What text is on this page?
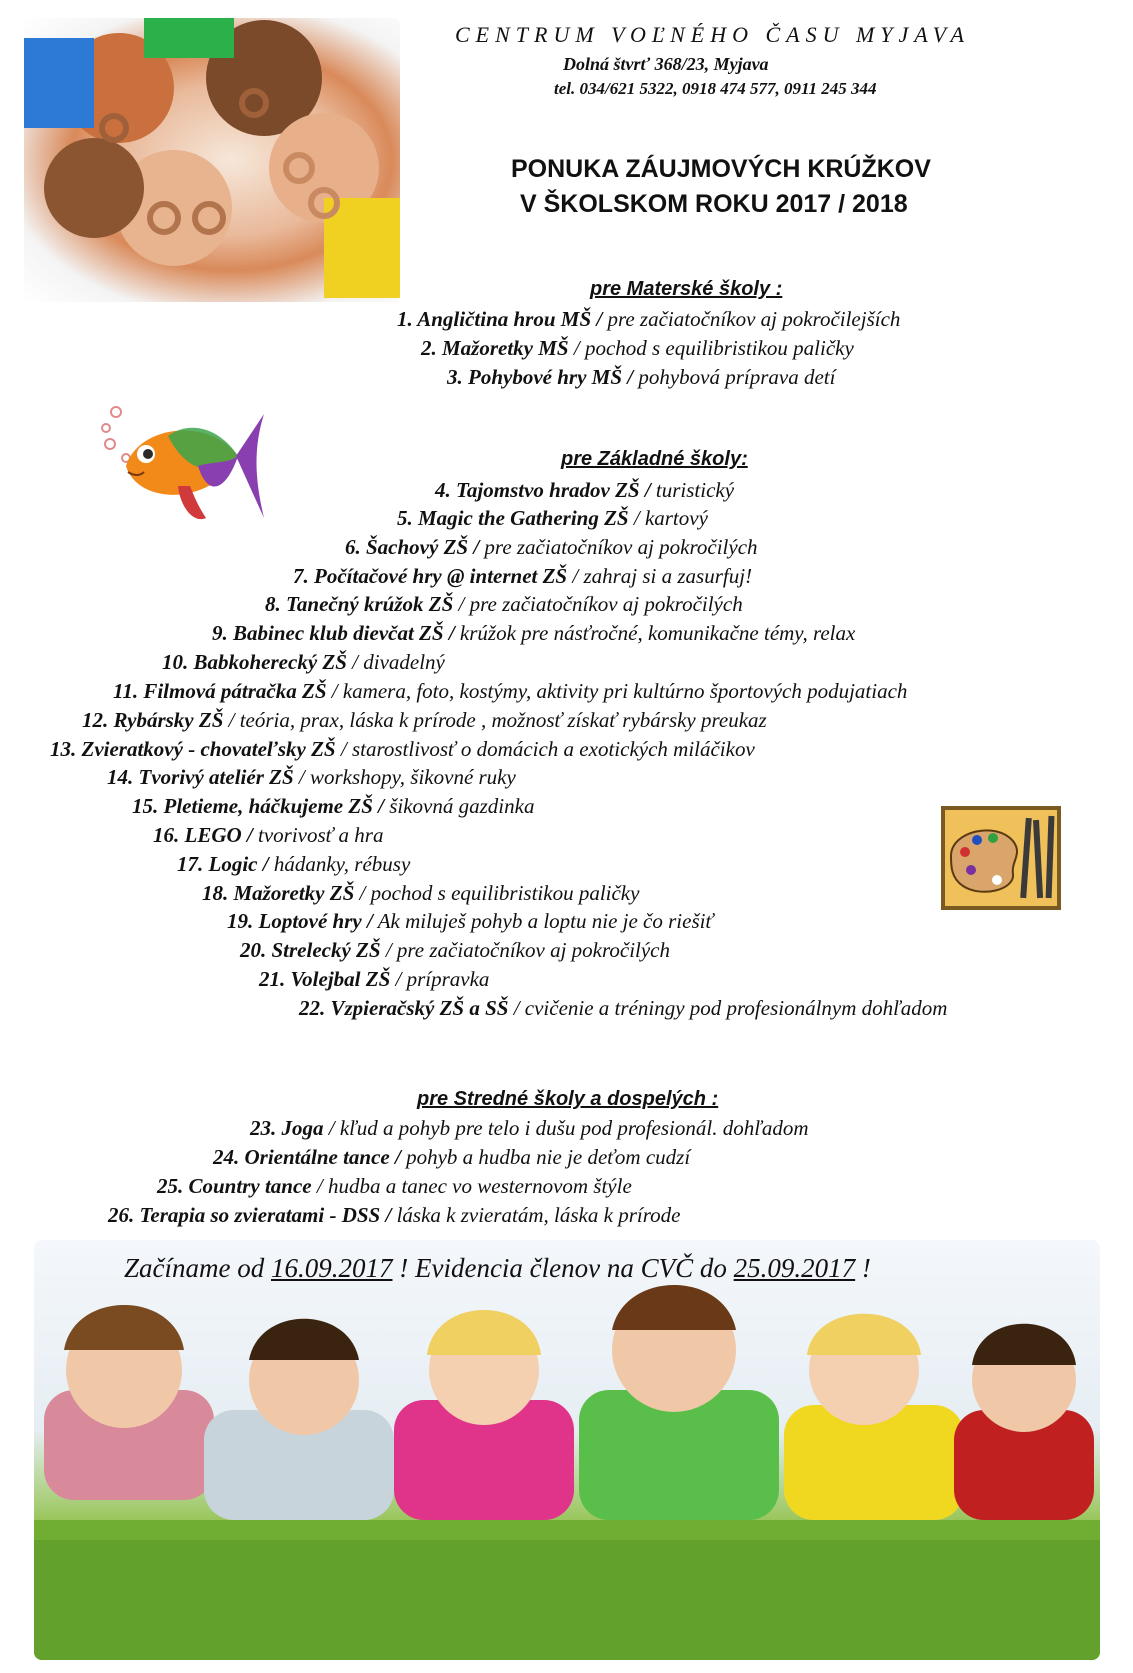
CENTRUM VOĽNÉHO ČASU MYJAVA
Dolná štvrť 368/23, Myjava
tel. 034/621 5322, 0918 474 577, 0911 245 344
PONUKA ZÁUJMOVÝCH KRÚŽKOV
V ŠKOLSKOM ROKU 2017 / 2018
pre Materské školy :
1. Angličtina hrou MŠ / pre začiatočníkov aj pokročilejších
2. Mažoretky MŠ / pochod s equilibristikou paličky
3. Pohybové hry MŠ / pohybová príprava detí
pre Základné školy:
4. Tajomstvo hradov ZŠ / turistický
5. Magic the Gathering ZŠ / kartový
6. Šachový ZŠ / pre začiatočníkov aj pokročilých
7. Počítačové hry @ internet ZŠ / zahraj si a zasurfuj!
8. Tanečný krúžok ZŠ / pre začiatočníkov aj pokročilých
9. Babinec klub dievčat ZŠ / krúžok pre násťročné, komunikačne témy, relax
10. Babkoherecký ZŠ / divadelný
11. Filmová pátračka ZŠ / kamera, foto, kostýmy, aktivity pri kultúrno športových podujatiach
12. Rybársky ZŠ / teória, prax, láska k prírode , možnosť získať rybársky preukaz
13. Zvieratkový - chovateľsky ZŠ / starostlivosť o domácich a exotických miláčikov
14. Tvorivý ateliér ZŠ / workshopy, šikovné ruky
15. Pletieme, háčkujeme ZŠ / šikovná gazdinka
16. LEGO / tvorivosť a hra
17. Logic / hádanky, rébusy
18. Mažoretky ZŠ / pochod s equilibristikou paličky
19. Loptové hry / Ak miluješ pohyb a loptu nie je čo riešiť
20. Strelecký ZŠ / pre začiatočníkov aj pokročilých
21. Volejbal ZŠ / prípravka
22. Vzpieračský ZŠ a SŠ / cvičenie a tréningy pod profesionálnym dohľadom
pre Stredné školy a dospelých :
23. Joga / kľud a pohyb pre telo i dušu pod profesionál. dohľadom
24. Orientálne tance / pohyb a hudba nie je deťom cudzí
25. Country tance / hudba a tanec vo westernovom štýle
26. Terapia so zvieratami - DSS / láska k zvieratám, láska k prírode
Začíname od 16.09.2017 ! Evidencia členov na CVČ do 25.09.2017 !
